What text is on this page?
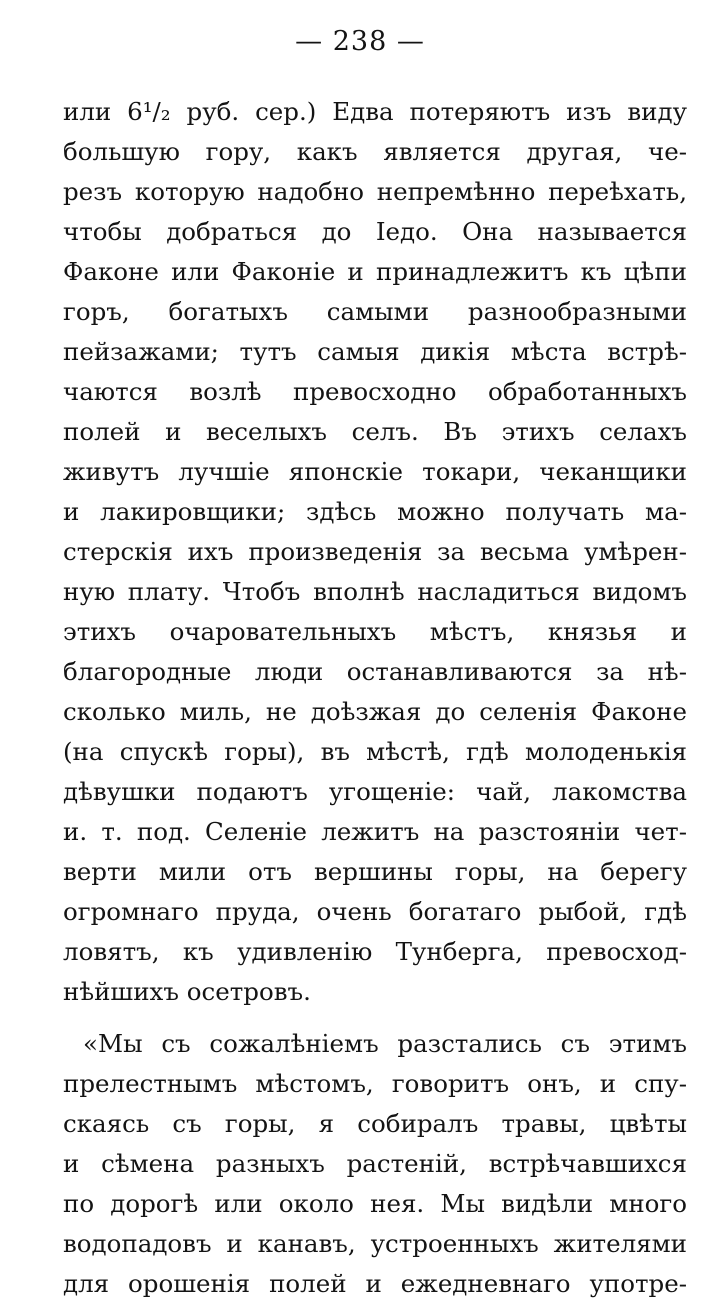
— 238 —
или 6¹/₂ руб. сер.) Едва потеряютъ изъ виду
большую гору, какъ является другая, че-
резъ которую надобно непремѣнно переѣхать,
чтобы добраться до Іедо. Она называется
Факоне или Факоніе и принадлежитъ къ цѣпи
горъ, богатыхъ самыми разнообразными
пейзажами; тутъ самыя дикія мѣста встрѣ-
чаются возлѣ превосходно обработанныхъ
полей и веселыхъ селъ. Въ этихъ селахъ
живутъ лучшіе японскіе токари, чеканщики
и лакировщики; здѣсь можно получать ма-
стерскія ихъ произведенія за весьма умѣрен-
ную плату. Чтобъ вполнѣ насладиться видомъ
этихъ очаровательныхъ мѣстъ, князья и
благородные люди останавливаются за нѣ-
сколько миль, не доѣзжая до селенія Факоне
(на спускѣ горы), въ мѣстѣ, гдѣ молоденькія
дѣвушки подаютъ угощеніе: чай, лакомства
и. т. под. Селеніе лежитъ на разстояніи чет-
верти мили отъ вершины горы, на берегу
огромнаго пруда, очень богатаго рыбой, гдѣ
ловятъ, къ удивленію Тунберга, превосход-
нѣйшихъ осетровъ.
«Мы съ сожалѣніемъ разстались съ этимъ
прелестнымъ мѣстомъ, говоритъ онъ, и спу-
скаясь съ горы, я собиралъ травы, цвѣты
и сѣмена разныхъ растеній, встрѣчавшихся
по дорогѣ или около нея. Мы видѣли много
водопадовъ и канавъ, устроенныхъ жителями
для орошенія полей и ежедневнаго употре-
